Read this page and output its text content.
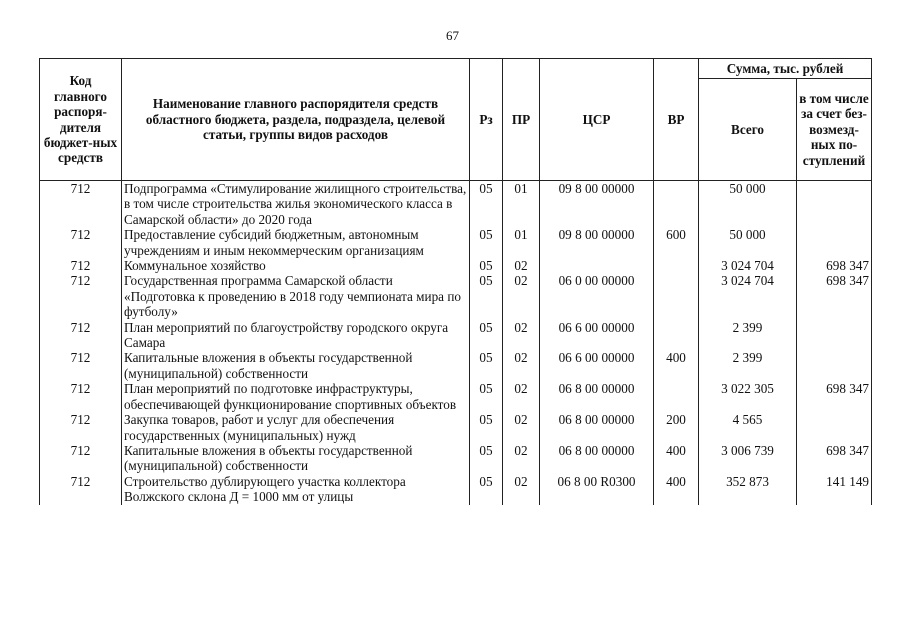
67
Код главного распоря-дителя бюджет-ных средств	Наименование главного распорядителя средств областного бюджета, раздела, подраздела, целевой статьи, группы видов расходов	Рз	ПР	ЦСР	ВР	Сумма, тыс. рублей	
						Всего	в том числе за счет без-возмезд-ных по-ступлений
712	Подпрограмма «Стимулирование жилищного строительства, в том числе строительства жилья экономического класса в Самарской области» до 2020 года	05	01	09 8 00 00000		50 000	
712	Предоставление субсидий бюджетным, автономным учреждениям и иным некоммерческим организациям	05	01	09 8 00 00000	600	50 000	
712	Коммунальное хозяйство	05	02			3 024 704	698 347
712	Государственная программа Самарской области «Подготовка к проведению в 2018 году чемпионата мира по футболу»	05	02	06 0 00 00000		3 024 704	698 347
712	План мероприятий по благоустройству городского округа Самара	05	02	06 6 00 00000		2 399	
712	Капитальные вложения в объекты государственной (муниципальной) собственности	05	02	06 6 00 00000	400	2 399	
712	План мероприятий по подготовке инфраструктуры, обеспечивающей функционирование спортивных объектов	05	02	06 8 00 00000		3 022 305	698 347
712	Закупка товаров, работ и услуг для обеспечения государственных (муниципальных) нужд	05	02	06 8 00 00000	200	4 565	
712	Капитальные вложения в объекты государственной (муниципальной) собственности	05	02	06 8 00 00000	400	3 006 739	698 347
712	Строительство дублирующего участка коллектора Волжского склона Д = 1000 мм от улицы	05	02	06 8 00 R0300	400	352 873	141 149
